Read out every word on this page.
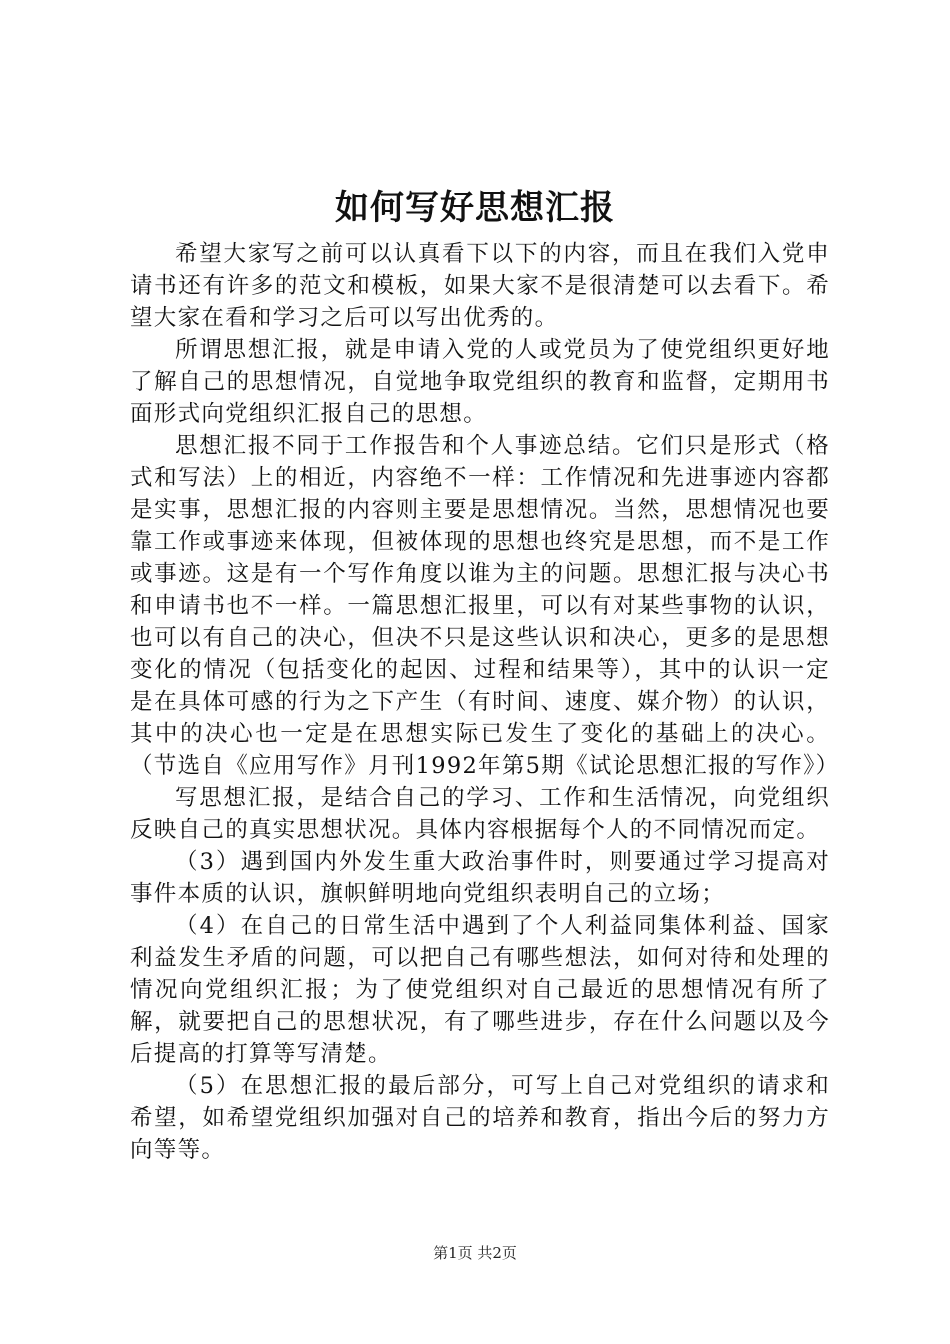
如何写好思想汇报

希望大家写之前可以认真看下以下的内容，而且在我们入党申请书还有许多的范文和模板，如果大家不是很清楚可以去看下。希望大家在看和学习之后可以写出优秀的。

所谓思想汇报，就是申请入党的人或党员为了使党组织更好地了解自己的思想情况，自觉地争取党组织的教育和监督，定期用书面形式向党组织汇报自己的思想。

思想汇报不同于工作报告和个人事迹总结。它们只是形式（格式和写法）上的相近，内容绝不一样：工作情况和先进事迹内容都是实事，思想汇报的内容则主要是思想情况。当然，思想情况也要靠工作或事迹来体现，但被体现的思想也终究是思想，而不是工作或事迹。这是有一个写作角度以谁为主的问题。思想汇报与决心书和申请书也不一样。一篇思想汇报里，可以有对某些事物的认识，也可以有自己的决心，但决不只是这些认识和决心，更多的是思想变化的情况（包括变化的起因、过程和结果等），其中的认识一定是在具体可感的行为之下产生（有时间、速度、媒介物）的认识，其中的决心也一定是在思想实际已发生了变化的基础上的决心。（节选自《应用写作》月刊1992年第5期《试论思想汇报的写作》）

写思想汇报，是结合自己的学习、工作和生活情况，向党组织反映自己的真实思想状况。具体内容根据每个人的不同情况而定。

（3）遇到国内外发生重大政治事件时，则要通过学习提高对事件本质的认识，旗帜鲜明地向党组织表明自己的立场；

（4）在自己的日常生活中遇到了个人利益同集体利益、国家利益发生矛盾的问题，可以把自己有哪些想法，如何对待和处理的情况向党组织汇报；为了使党组织对自己最近的思想情况有所了解，就要把自己的思想状况，有了哪些进步，存在什么问题以及今后提高的打算等写清楚。

（5）在思想汇报的最后部分，可写上自己对党组织的请求和希望，如希望党组织加强对自己的培养和教育，指出今后的努力方向等等。

第1页 共2页
